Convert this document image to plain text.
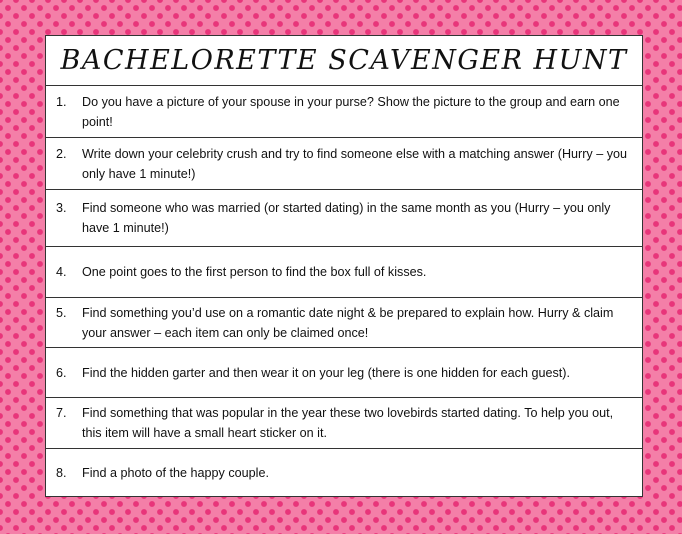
BACHELORETTE SCAVENGER HUNT
1.	Do you have a picture of your spouse in your purse? Show the picture to the group and earn one point!
2.	Write down your celebrity crush and try to find someone else with a matching answer (Hurry – you only have 1 minute!)
3.	Find someone who was married (or started dating) in the same month as you (Hurry – you only have 1 minute!)
4.	One point goes to the first person to find the box full of kisses.
5.	Find something you’d use on a romantic date night & be prepared to explain how. Hurry & claim your answer – each item can only be claimed once!
6.	Find the hidden garter and then wear it on your leg (there is one hidden for each guest).
7.	Find something that was popular in the year these two lovebirds started dating. To help you out, this item will have a small heart sticker on it.
8.	Find a photo of the happy couple.
